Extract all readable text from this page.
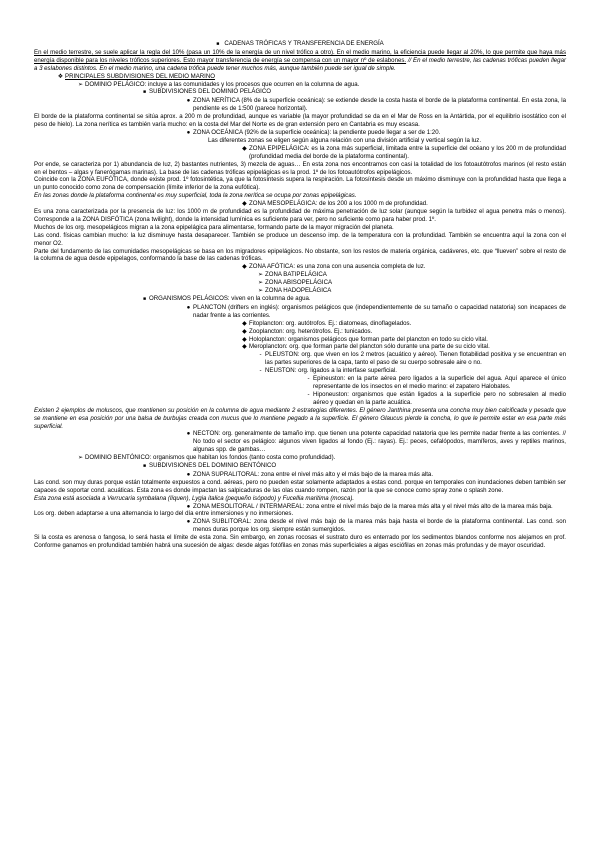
■ CADENAS TRÓFICAS Y TRANSFERENCIA DE ENERGÍA

En el medio terrestre, se suele aplicar la regla del 10% (pasa un 10% de la energía de un nivel trófico a otro). En el medio marino, la eficiencia puede llegar al 20%, lo que permite que haya más energía disponible para los niveles tróficos superiores. Esto mayor transferencia de energía se compensa con un mayor nº de eslabones. // En el medio terrestre, las cadenas tróficas pueden llegar a 3 eslabones distintos. En el medio marino, una cadena trófica puede tener muchos más, aunque también puede ser igual de simple.

❖ PRINCIPALES SUBDIVISIONES DEL MEDIO MARINO
➢ DOMINIO PELÁGICO: incluye a las comunidades y los procesos que ocurren en la columna de agua.
■ SUBDIVISIONES DEL DOMINIO PELÁGICO
● ZONA NERÍTICA (8% de la superficie oceánica): se extiende desde la costa hasta el borde de la plataforma continental. En esta zona, la pendiente es de 1:500 (parece horizontal).

El borde de la plataforma continental se sitúa aprox. a 200 m de profundidad, aunque es variable (la mayor profundidad se da en el Mar de Ross en la Antártida, por el equilibrio isostático con el peso de hielo). La zona nerítica es también varía mucho: en la costa del Mar del Norte es de gran extensión pero en Cantabria es muy escasa.

● ZONA OCEÁNICA (92% de la superficie oceánica): la pendiente puede llegar a ser de 1:20.

Las diferentes zonas se eligen según alguna relación con una división artificial y vertical según la luz.

◆ ZONA EPIPELÁGICA: es la zona más superficial, limitada entre la superficie del océano y los 200 m de profundidad (profundidad media del borde de la plataforma continental).

Por ende, se caracteriza por 1) abundancia de luz, 2) bastantes nutrientes, 3) mezcla de aguas… En esta zona nos encontramos con casi la totalidad de los fotoautótrofos marinos (el resto están en el bentos – algas y fanerógamas marinas). La base de las cadenas tróficas epipelágicas es la prod. 1º de los fotoautótrofos epipelágicos.

Coincide con la ZONA EUFÓTICA, donde existe prod. 1º fotosintética, ya que la fotosíntesis supera la respiración. La fotosíntesis desde un máximo disminuye con la profundidad hasta que llega a un punto conocido como zona de compensación (límite inferior de la zona eufótica).

En las zonas donde la plataforma continental es muy superficial, toda la zona nerítica se ocupa por zonas epipelágicas.

◆ ZONA MESOPELÁGICA: de los 200 a los 1000 m de profundidad.

Es una zona caracterizada por la presencia de luz: los 1000 m de profundidad es la profundidad de máxima penetración de luz solar (aunque según la turbidez el agua penetra más o menos). Corresponde a la ZONA DISFÓTICA (zona twilight), donde la intensidad lumínica es suficiente para ver, pero no suficiente como para haber prod. 1º.

Muchos de los org. mesopelágicos migran a la zona epipelágica para alimentarse, formando parte de la mayor migración del planeta.

Las cond. físicas cambian mucho: la luz disminuye hasta desaparecer. También se produce un descenso imp. de la temperatura con la profundidad. También se encuentra aquí la zona con el menor O2.

Parte del fundamento de las comunidades mesopelágicas se basa en los migradores epipelágicos. No obstante, son los restos de materia orgánica, cadáveres, etc. que “llueven” sobre el resto de la columna de agua desde epipelagos, conformando la base de las cadenas tróficas.

◆ ZONA AFÓTICA: es una zona con una ausencia completa de luz.
➢ ZONA BATIPELÁGICA
➢ ZONA ABISOPELÁGICA
➢ ZONA HADOPELÁGICA
■ ORGANISMOS PELÁGICOS: viven en la columna de agua.
● PLANCTON (drifters en inglés): organismos pelágicos que (independientemente de su tamaño o capacidad natatoria) son incapaces de nadar frente a las corrientes.
◆ Fitoplancton: org. autótrofos. Ej.: diatomeas, dinoflagelados.
◆ Zooplancton: org. heterótrofos. Ej.: tunicados.
◆ Holoplancton: organismos pelágicos que forman parte del plancton en todo su ciclo vital.
◆ Meroplancton: org. que forman parte del plancton sólo durante una parte de su ciclo vital.
- PLEUSTON: org. que viven en los 2 metros (acuático y aéreo). Tienen flotabilidad positiva y se encuentran en las partes superiores de la capa, tanto el paso de su cuerpo sobresale aire o no.
- NEUSTON: org. ligados a la interfase superficial.
- Epineuston: en la parte aérea pero ligados a la superficie del agua. Aquí aparece el único representante de los insectos en el medio marino: el zapatero Halobates.
- Hiponeuston: organismos que están ligados a la superficie pero no sobresalen al medio aéreo y quedan en la parte acuática.

Existen 2 ejemplos de moluscos, que mantienen su posición en la columna de agua mediante 2 estrategias diferentes. El género Janthina presenta una concha muy bien calcificada y pesada que se mantiene en esa posición por una balsa de burbujas creada con mucus que lo mantiene pegado a la superficie. El género Glaucus pierde la concha, lo que le permite estar en esa parte más superficial.

● NECTON: org. generalmente de tamaño imp. que tienen una potente capacidad natatoria que les permite nadar frente a las corrientes. // No todo el sector es pelágico: algunos viven ligados al fondo (Ej.: rayas). Ej.: peces, cefalópodos, mamíferos, aves y reptiles marinos, algunas spp. de gambas…
➢ DOMINIO BENTÓNICO: organismos que habitan los fondos (tanto costa como profundidad).
■ SUBDIVISIONES DEL DOMINIO BENTÓNICO
● ZONA SUPRALITORAL: zona entre el nivel más alto y el más bajo de la marea más alta.

Las cond. son muy duras porque están totalmente expuestos a cond. aéreas, pero no pueden estar solamente adaptados a estas cond. porque en temporales con inundaciones deben también ser capaces de soportar cond. acuáticas. Esta zona es donde impactan las salpicaduras de las olas cuando rompen, razón por la que se conoce como spray zone o splash zone.

Esta zona está asociada a Verrucaria symbalana (líquen), Lygia italica (pequeño isópodo) y Fucellia maritima (mosca).

● ZONA MESOLITORAL / INTERMAREAL: zona entre el nivel más bajo de la marea más alta y el nivel más alto de la marea más baja.

Los org. deben adaptarse a una alternancia lo largo del día entre inmersiones y no inmersiones.

● ZONA SUBLITORAL: zona desde el nivel más bajo de la marea más baja hasta el borde de la plataforma continental. Las cond. son menos duras porque los org. siempre están sumergidos.

Si la costa es arenosa o fangosa, lo será hasta el límite de esta zona. Sin embargo, en zonas rocosas el sustrato duro es enterrado por los sedimentos blandos conforme nos alejamos en prof. Conforme ganamos en profundidad también habrá una sucesión de algas: desde algas fotófilas en zonas más superficiales a algas esciófilas en zonas más profundas y de mayor oscuridad.
